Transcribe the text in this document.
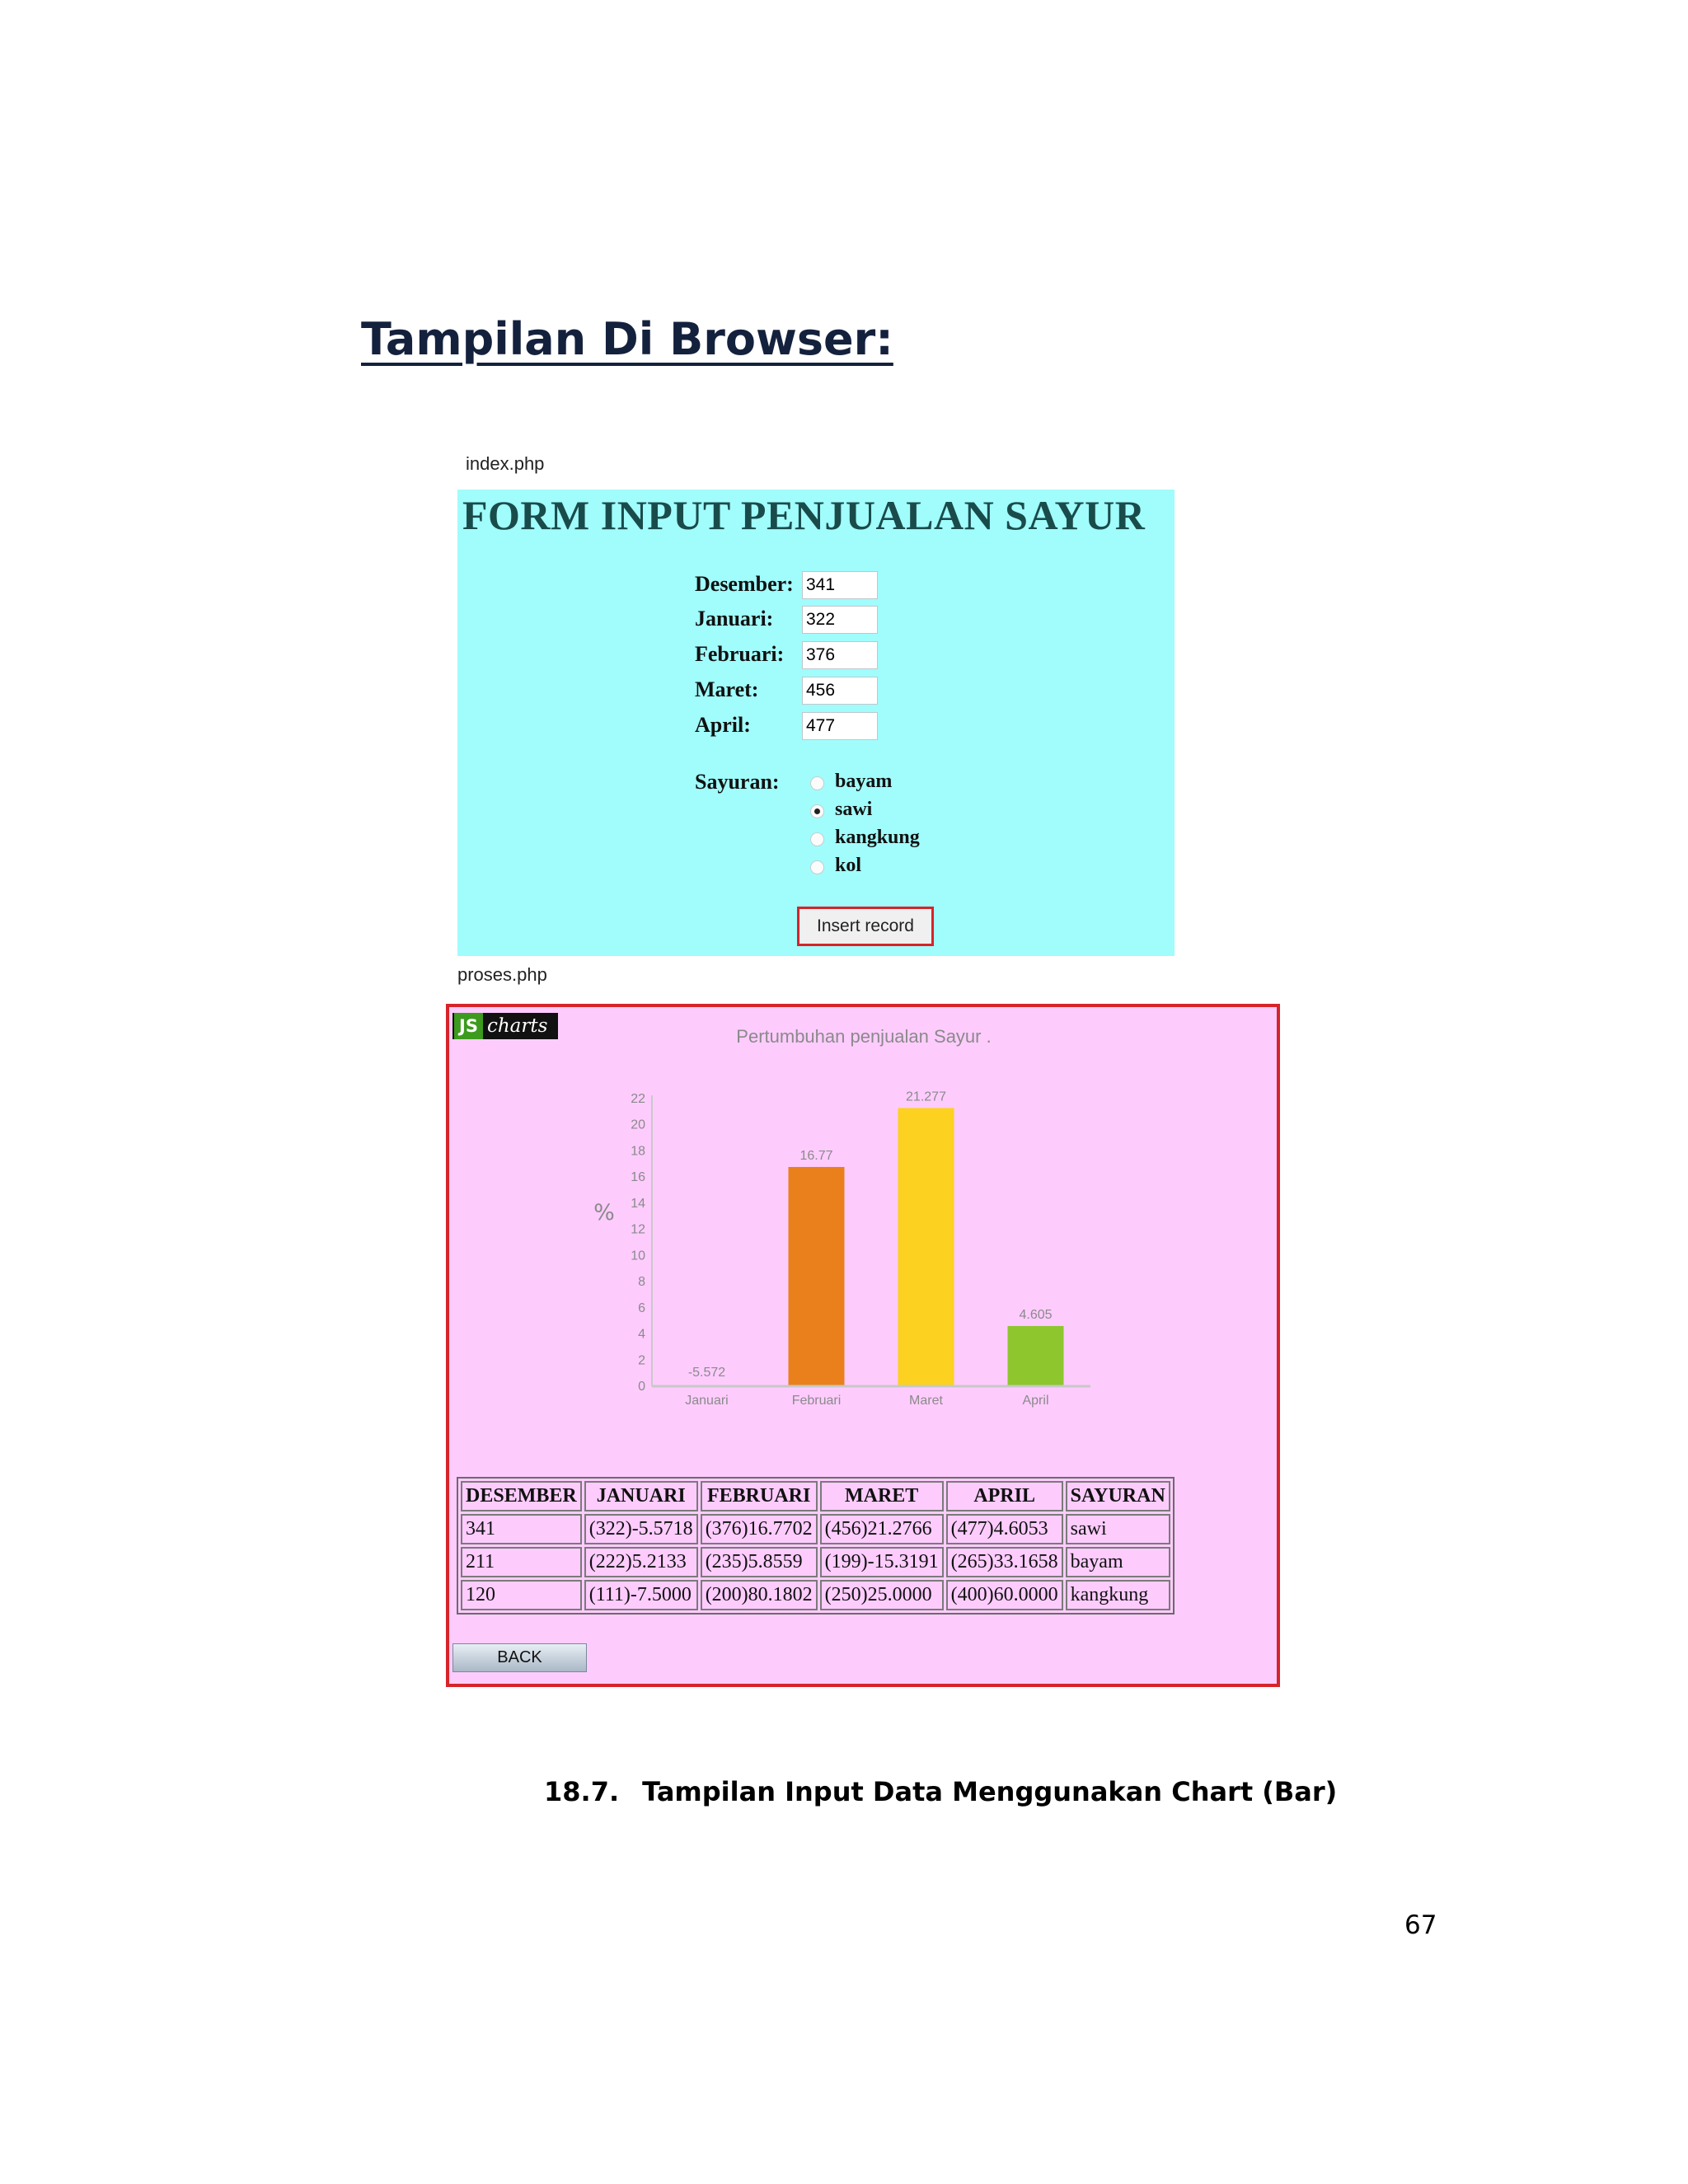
Tampilan Di Browser:
index.php
FORM INPUT PENJUALAN SAYUR
Desember:
341
Januari:
322
Februari:
376
Maret:
456
April:
477
Sayuran:	bayam
sawi
kangkung
kol
Insert record
proses.php
JS charts	Pertumbuhan penjualan Sayur .
%
0
2
4
6
8
10
12
14
16
18
20
22
-5.572
Januari
16.77
Februari
21.277
Maret
4.605
April
DESEMBER	JANUARI	FEBRUARI	MARET	APRIL	SAYURAN
341	(322)-5.5718	(376)16.7702	(456)21.2766	(477)4.6053	sawi
211	(222)5.2133	(235)5.8559	(199)-15.3191	(265)33.1658	bayam
120	(111)-7.5000	(200)80.1802	(250)25.0000	(400)60.0000	kangkung
BACK
18.7. Tampilan Input Data Menggunakan Chart (Bar)
67
